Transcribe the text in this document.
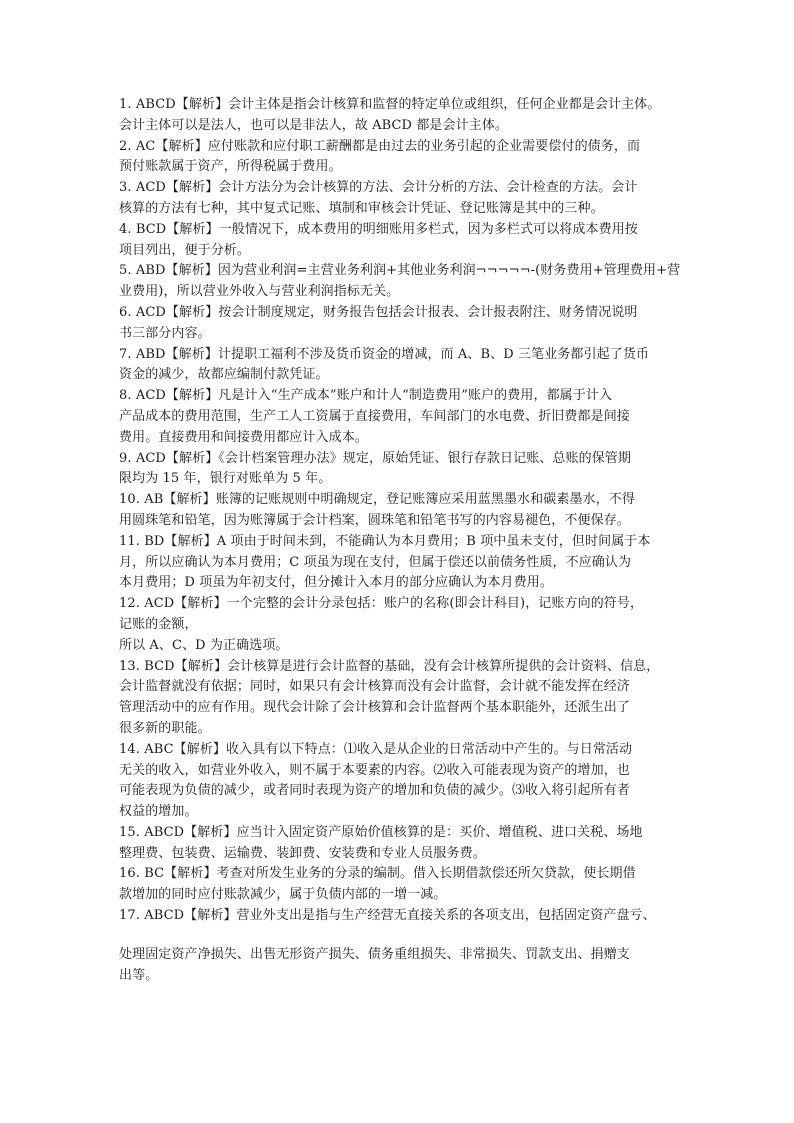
1. ABCD【解析】会计主体是指会计核算和监督的特定单位或组织，任何企业都是会计主体。
会计主体可以是法人，也可以是非法人，故 ABCD 都是会计主体。
2. AC【解析】应付账款和应付职工薪酬都是由过去的业务引起的企业需要偿付的债务，而
预付账款属于资产，所得税属于费用。
3. ACD【解析】会计方法分为会计核算的方法、会计分析的方法、会计检查的方法。会计
核算的方法有七种，其中复式记账、填制和审核会计凭证、登记账簿是其中的三种。
4. BCD【解析】一般情况下，成本费用的明细账用多栏式，因为多栏式可以将成本费用按
项目列出，便于分析。
5. ABD【解析】因为营业利润=主营业务利润+其他业务利润¬¬¬¬¬-(财务费用+管理费用+营
业费用)，所以营业外收入与营业利润指标无关。
6. ACD【解析】按会计制度规定，财务报告包括会计报表、会计报表附注、财务情况说明
书三部分内容。
7. ABD【解析】计提职工福利不涉及货币资金的增减，而 A、B、D 三笔业务都引起了货币
资金的减少，故都应编制付款凭证。
8. ACD【解析】凡是计入“生产成本”账户和计人“制造费用”账户的费用，都属于计入
产品成本的费用范围，生产工人工资属于直接费用，车间部门的水电费、折旧费都是间接
费用。直接费用和间接费用都应计入成本。
9. ACD【解析】《会计档案管理办法》规定，原始凭证、银行存款日记账、总账的保管期
限均为 15 年，银行对账单为 5 年。
10. AB【解析】账簿的记账规则中明确规定，登记账簿应采用蓝黑墨水和碳素墨水，不得
用圆珠笔和铅笔，因为账簿属于会计档案，圆珠笔和铅笔书写的内容易褪色，不便保存。
11. BD【解析】A 项由于时间未到，不能确认为本月费用；B 项中虽未支付，但时间属于本
月，所以应确认为本月费用；C 项虽为现在支付，但属于偿还以前债务性质，不应确认为
本月费用；D 项虽为年初支付，但分摊计入本月的部分应确认为本月费用。
12. ACD【解析】一个完整的会计分录包括：账户的名称(即会计科目)，记账方向的符号，
记账的金额，
所以 A、C、D 为正确选项。
13. BCD【解析】会计核算是进行会计监督的基础，没有会计核算所提供的会计资料、信息，
会计监督就没有依据；同时，如果只有会计核算而没有会计监督，会计就不能发挥在经济
管理活动中的应有作用。现代会计除了会计核算和会计监督两个基本职能外，还派生出了
很多新的职能。
14. ABC【解析】收入具有以下特点：⑴收入是从企业的日常活动中产生的。与日常活动
无关的收入，如营业外收入，则不属于本要素的内容。⑵收入可能表现为资产的增加，也
可能表现为负债的减少，或者同时表现为资产的增加和负债的减少。⑶收入将引起所有者
权益的增加。
15. ABCD【解析】应当计入固定资产原始价值核算的是：买价、增值税、进口关税、场地
整理费、包装费、运输费、装卸费、安装费和专业人员服务费。
16. BC【解析】考查对所发生业务的分录的编制。借入长期借款偿还所欠贷款，使长期借
款增加的同时应付账款减少，属于负债内部的一增一减。
17. ABCD【解析】营业外支出是指与生产经营无直接关系的各项支出，包括固定资产盘亏、
处理固定资产净损失、出售无形资产损失、债务重组损失、非常损失、罚款支出、捐赠支
出等。
